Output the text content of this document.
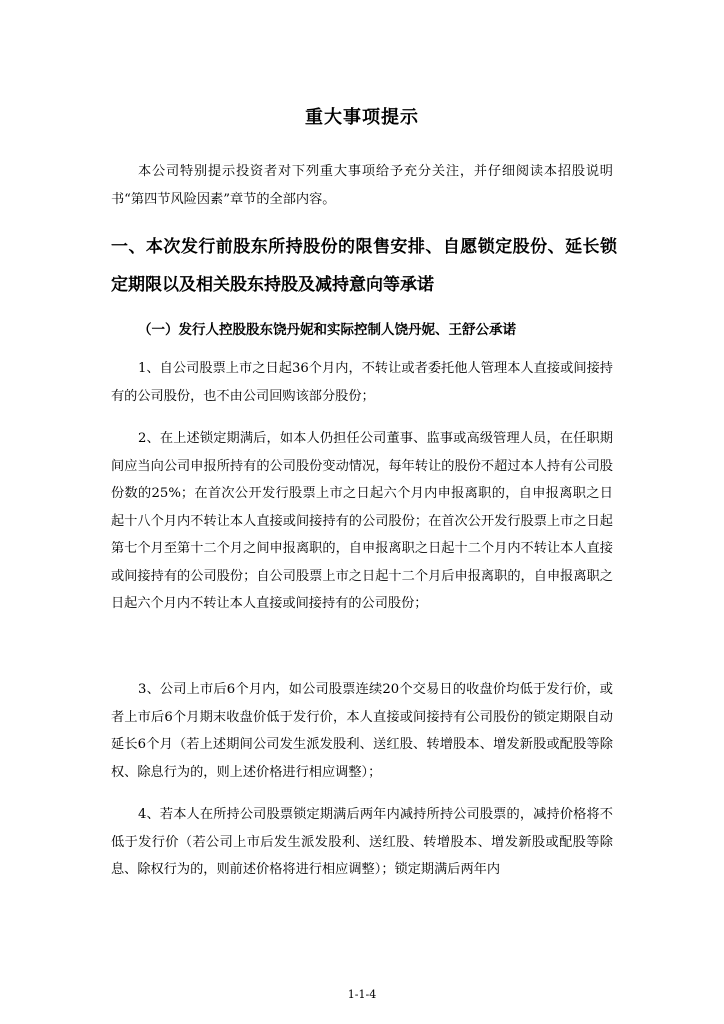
重大事项提示

本公司特别提示投资者对下列重大事项给予充分关注，并仔细阅读本招股说明书“第四节风险因素”章节的全部内容。

一、本次发行前股东所持股份的限售安排、自愿锁定股份、延长锁定期限以及相关股东持股及减持意向等承诺

（一）发行人控股股东饶丹妮和实际控制人饶丹妮、王舒公承诺

1、自公司股票上市之日起36个月内，不转让或者委托他人管理本人直接或间接持有的公司股份，也不由公司回购该部分股份；

2、在上述锁定期满后，如本人仍担任公司董事、监事或高级管理人员，在任职期间应当向公司申报所持有的公司股份变动情况，每年转让的股份不超过本人持有公司股份数的25%；在首次公开发行股票上市之日起六个月内申报离职的，自申报离职之日起十八个月内不转让本人直接或间接持有的公司股份；在首次公开发行股票上市之日起第七个月至第十二个月之间申报离职的，自申报离职之日起十二个月内不转让本人直接或间接持有的公司股份；自公司股票上市之日起十二个月后申报离职的，自申报离职之日起六个月内不转让本人直接或间接持有的公司股份；

3、公司上市后6个月内，如公司股票连续20个交易日的收盘价均低于发行价，或者上市后6个月期末收盘价低于发行价，本人直接或间接持有公司股份的锁定期限自动延长6个月（若上述期间公司发生派发股利、送红股、转增股本、增发新股或配股等除权、除息行为的，则上述价格进行相应调整）；

4、若本人在所持公司股票锁定期满后两年内减持所持公司股票的，减持价格将不低于发行价（若公司上市后发生派发股利、送红股、转增股本、增发新股或配股等除息、除权行为的，则前述价格将进行相应调整）；锁定期满后两年内

1-1-4
